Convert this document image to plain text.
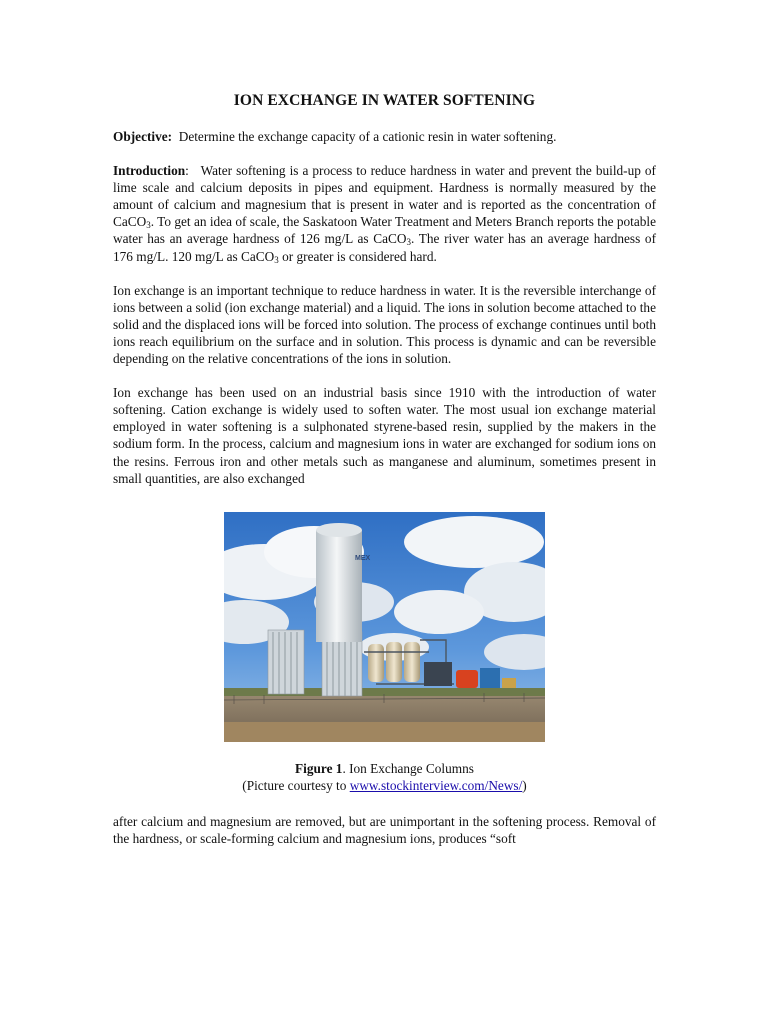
ION EXCHANGE IN WATER SOFTENING

Objective: Determine the exchange capacity of a cationic resin in water softening.

Introduction: Water softening is a process to reduce hardness in water and prevent the build-up of lime scale and calcium deposits in pipes and equipment. Hardness is normally measured by the amount of calcium and magnesium that is present in water and is reported as the concentration of CaCO$_3$. To get an idea of scale, the Saskatoon Water Treatment and Meters Branch reports the potable water has an average hardness of 126 mg/L as CaCO$_3$. The river water has an average hardness of 176 mg/L. 120 mg/L as CaCO$_3$ or greater is considered hard.

Ion exchange is an important technique to reduce hardness in water. It is the reversible interchange of ions between a solid (ion exchange material) and a liquid. The ions in solution become attached to the solid and the displaced ions will be forced into solution. The process of exchange continues until both ions reach equilibrium on the surface and in solution. This process is dynamic and can be reversible depending on the relative concentrations of the ions in solution.

Ion exchange has been used on an industrial basis since 1910 with the introduction of water softening. Cation exchange is widely used to soften water. The most usual ion exchange material employed in water softening is a sulphonated styrene-based resin, supplied by the makers in the sodium form. In the process, calcium and magnesium ions in water are exchanged for sodium ions on the resins. Ferrous iron and other metals such as manganese and aluminum, sometimes present in small quantities, are also exchanged

MEX
Figure 1. Ion Exchange Columns
(Picture courtesy to www.stockinterview.com/News/)

after calcium and magnesium are removed, but are unimportant in the softening process. Removal of the hardness, or scale-forming calcium and magnesium ions, produces “soft
